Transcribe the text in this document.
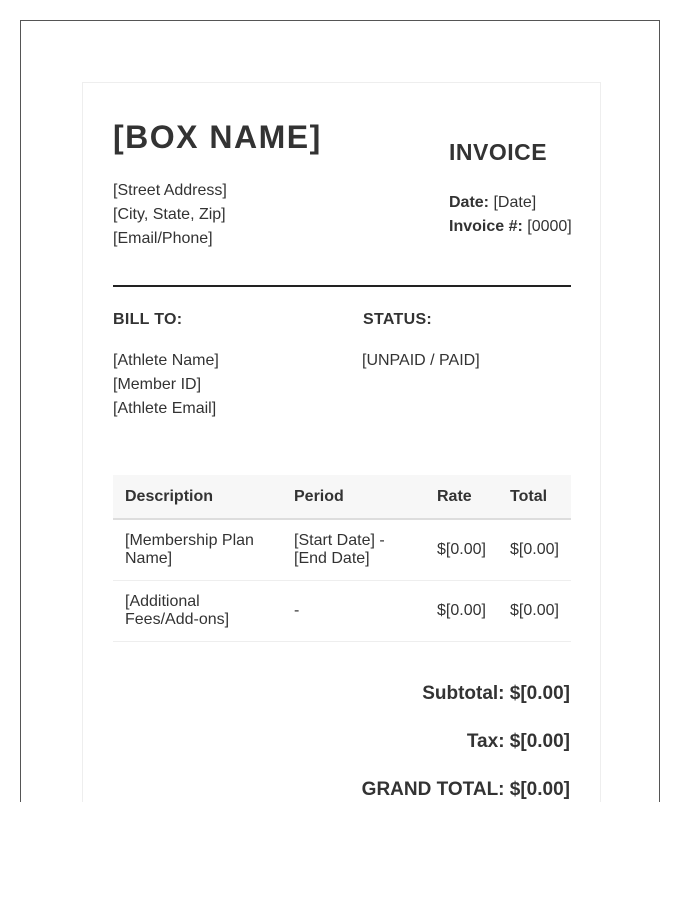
[BOX NAME]
[Street Address]
[City, State, Zip]
[Email/Phone]
INVOICE
Date: [Date]
Invoice #: [0000]
BILL TO:	STATUS:
[Athlete Name]
[Member ID]
[Athlete Email]
[UNPAID / PAID]
Description	Period	Rate	Total
[Membership Plan Name]	[Start Date] - [End Date]	$[0.00]	$[0.00]
[Additional Fees/Add-ons]	-	$[0.00]	$[0.00]
Subtotal: $[0.00]
Tax: $[0.00]
GRAND TOTAL: $[0.00]
